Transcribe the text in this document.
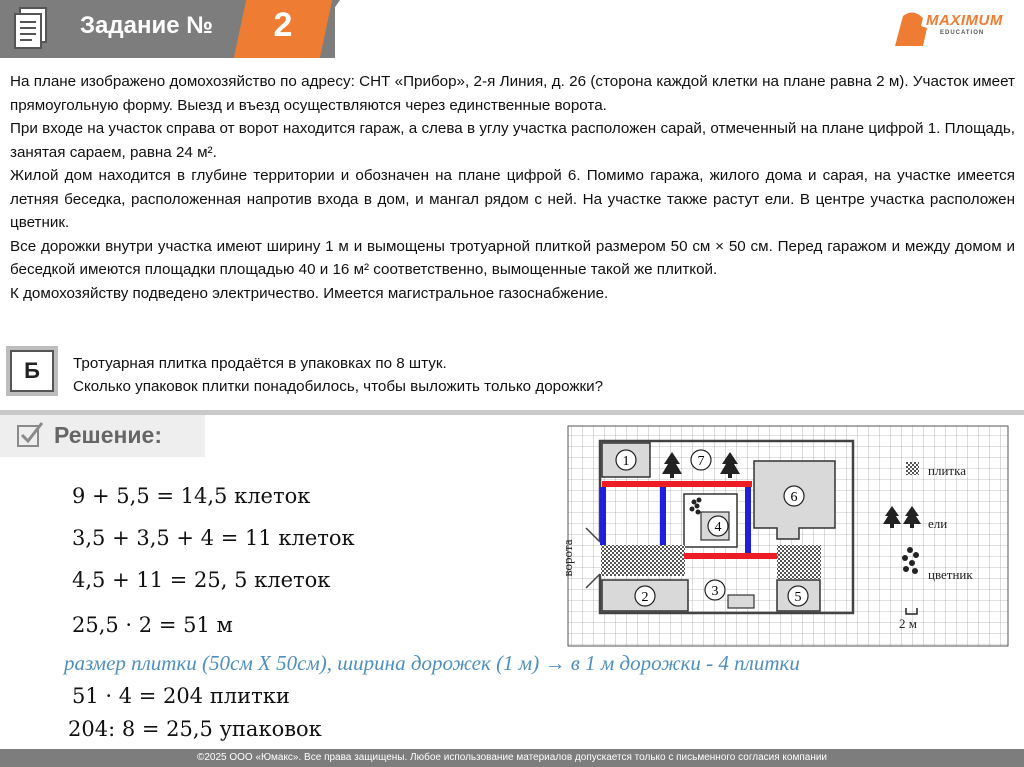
Задание №	2	MAXIMUM
EDUCATION

На плане изображено домохозяйство по адресу: СНТ «Прибор», 2-я Линия, д. 26 (сторона каждой клетки на плане равна 2 м). Участок имеет прямоугольную форму. Выезд и въезд осуществляются через единственные ворота.

При входе на участок справа от ворот находится гараж, а слева в углу участка расположен сарай, отмеченный на плане цифрой 1. Площадь, занятая сараем, равна 24 м².

Жилой дом находится в глубине территории и обозначен на плане цифрой 6. Помимо гаража, жилого дома и сарая, на участке имеется летняя беседка, расположенная напротив входа в дом, и мангал рядом с ней. На участке также растут ели. В центре участка расположен цветник.

Все дорожки внутри участка имеют ширину 1 м и вымощены тротуарной плиткой размером 50 см × 50 см. Перед гаражом и между домом и беседкой имеются площадки площадью 40 и 16 м² соответственно, вымощенные такой же плиткой.

К домохозяйству подведено электричество. Имеется магистральное газоснабжение.

Б	Тротуарная плитка продаётся в упаковках по 8 штук.

Сколько упаковок плитки понадобилось, чтобы выложить только дорожки?

Решение:
9 + 5,5 = 14,5 клеток
3,5 + 3,5 + 4 = 11 клеток
4,5 + 11 = 25, 5 клеток
25,5 · 2 = 51 м
размер плитки (50см Х 50см), ширина дорожек (1 м) → в 1 м дорожки - 4 плитки
51 · 4 = 204 плитки
204: 8 = 25,5 упаковок
ворота
1
2	3
4
5
6
7
плитка
ели
цветник
2 м
©2025 ООО «Юмакс». Все права защищены. Любое использование материалов допускается только с письменного согласия компании
